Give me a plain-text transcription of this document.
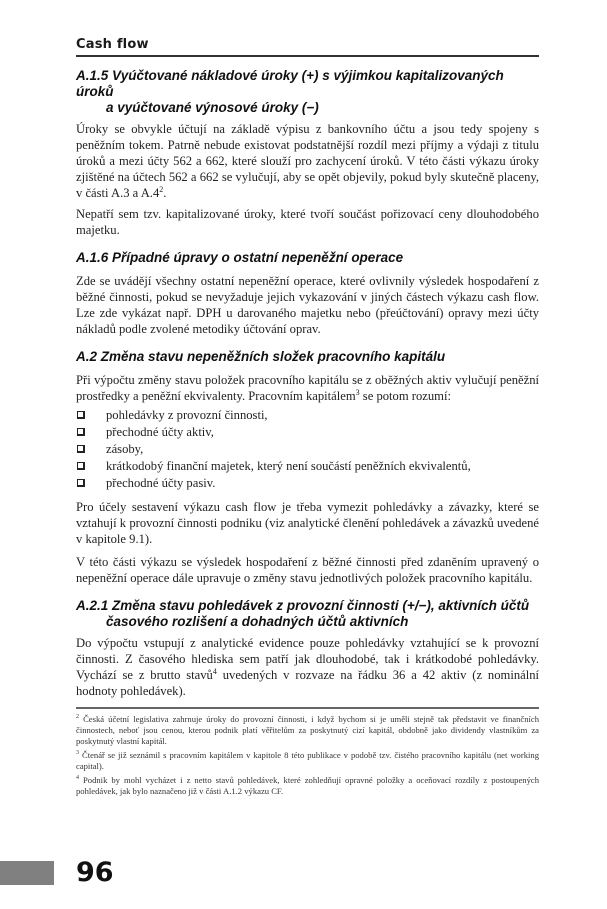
Cash flow
A.1.5 Vyúčtované nákladové úroky (+) s výjimkou kapitalizovaných úroků
a vyúčtované výnosové úroky (−)

Úroky se obvykle účtují na základě výpisu z bankovního účtu a jsou tedy spojeny s peněžním tokem. Patrně nebude existovat podstatnější rozdíl mezi příjmy a výdaji z titulu úroků a mezi účty 562 a 662, které slouží pro zachycení úroků. V této části výkazu úroky zjištěné na účtech 562 a 662 se vylučují, aby se opět objevily, pokud byly skutečně placeny, v části A.3 a $A.4^2$.

Nepatří sem tzv. kapitalizované úroky, které tvoří součást pořizovací ceny dlouhodobého majetku.

A.1.6 Případné úpravy o ostatní nepeněžní operace

Zde se uvádějí všechny ostatní nepeněžní operace, které ovlivnily výsledek hospodaření z běžné činnosti, pokud se nevyžaduje jejich vykazování v jiných částech výkazu cash flow. Lze zde vykázat např. DPH u darovaného majetku nebo (přeúčtování) opravy mezi účty nákladů podle zvolené metodiky účtování oprav.

A.2 Změna stavu nepeněžních složek pracovního kapitálu

Při výpočtu změny stavu položek pracovního kapitálu se z oběžných aktiv vylučují peněžní prostředky a peněžní ekvivalenty. Pracovním kapitálem$^3$ se potom rozumí:

pohledávky z provozní činnosti,
přechodné účty aktiv,
zásoby,
krátkodobý finanční majetek, který není součástí peněžních ekvivalentů,
přechodné účty pasiv.

Pro účely sestavení výkazu cash flow je třeba vymezit pohledávky a závazky, které se vztahují k provozní činnosti podniku (viz analytické členění pohledávek a závazků uvedené v kapitole 9.1).

V této části výkazu se výsledek hospodaření z běžné činnosti před zdaněním upravený o nepeněžní operace dále upravuje o změny stavu jednotlivých položek pracovního kapitálu.

A.2.1 Změna stavu pohledávek z provozní činnosti (+/−), aktivních účtů
časového rozlišení a dohadných účtů aktivních

Do výpočtu vstupují z analytické evidence pouze pohledávky vztahující se k provozní činnosti. Z časového hlediska sem patří jak dlouhodobé, tak i krátkodobé pohledávky. Vychází se z brutto stavů$^4$ uvedených v rozvaze na řádku 36 a 42 aktiv (z nominální hodnoty pohledávek).

$^2$ Česká účetní legislativa zahrnuje úroky do provozní činnosti, i když bychom si je uměli stejně tak představit ve finančních činnostech, neboť jsou cenou, kterou podnik platí věřitelům za poskytnutý cizí kapitál, obdobně jako dividendy vlastníkům za poskytnutý vlastní kapitál.
$^3$ Čtenář se již seznámil s pracovním kapitálem v kapitole 8 této publikace v podobě tzv. čistého pracovního kapitálu (net working capital).
$^4$ Podnik by mohl vycházet i z netto stavů pohledávek, které zohledňují opravné položky a oceňovací rozdíly z postoupených pohledávek, jak bylo naznačeno již v části A.1.2 výkazu CF.
96
